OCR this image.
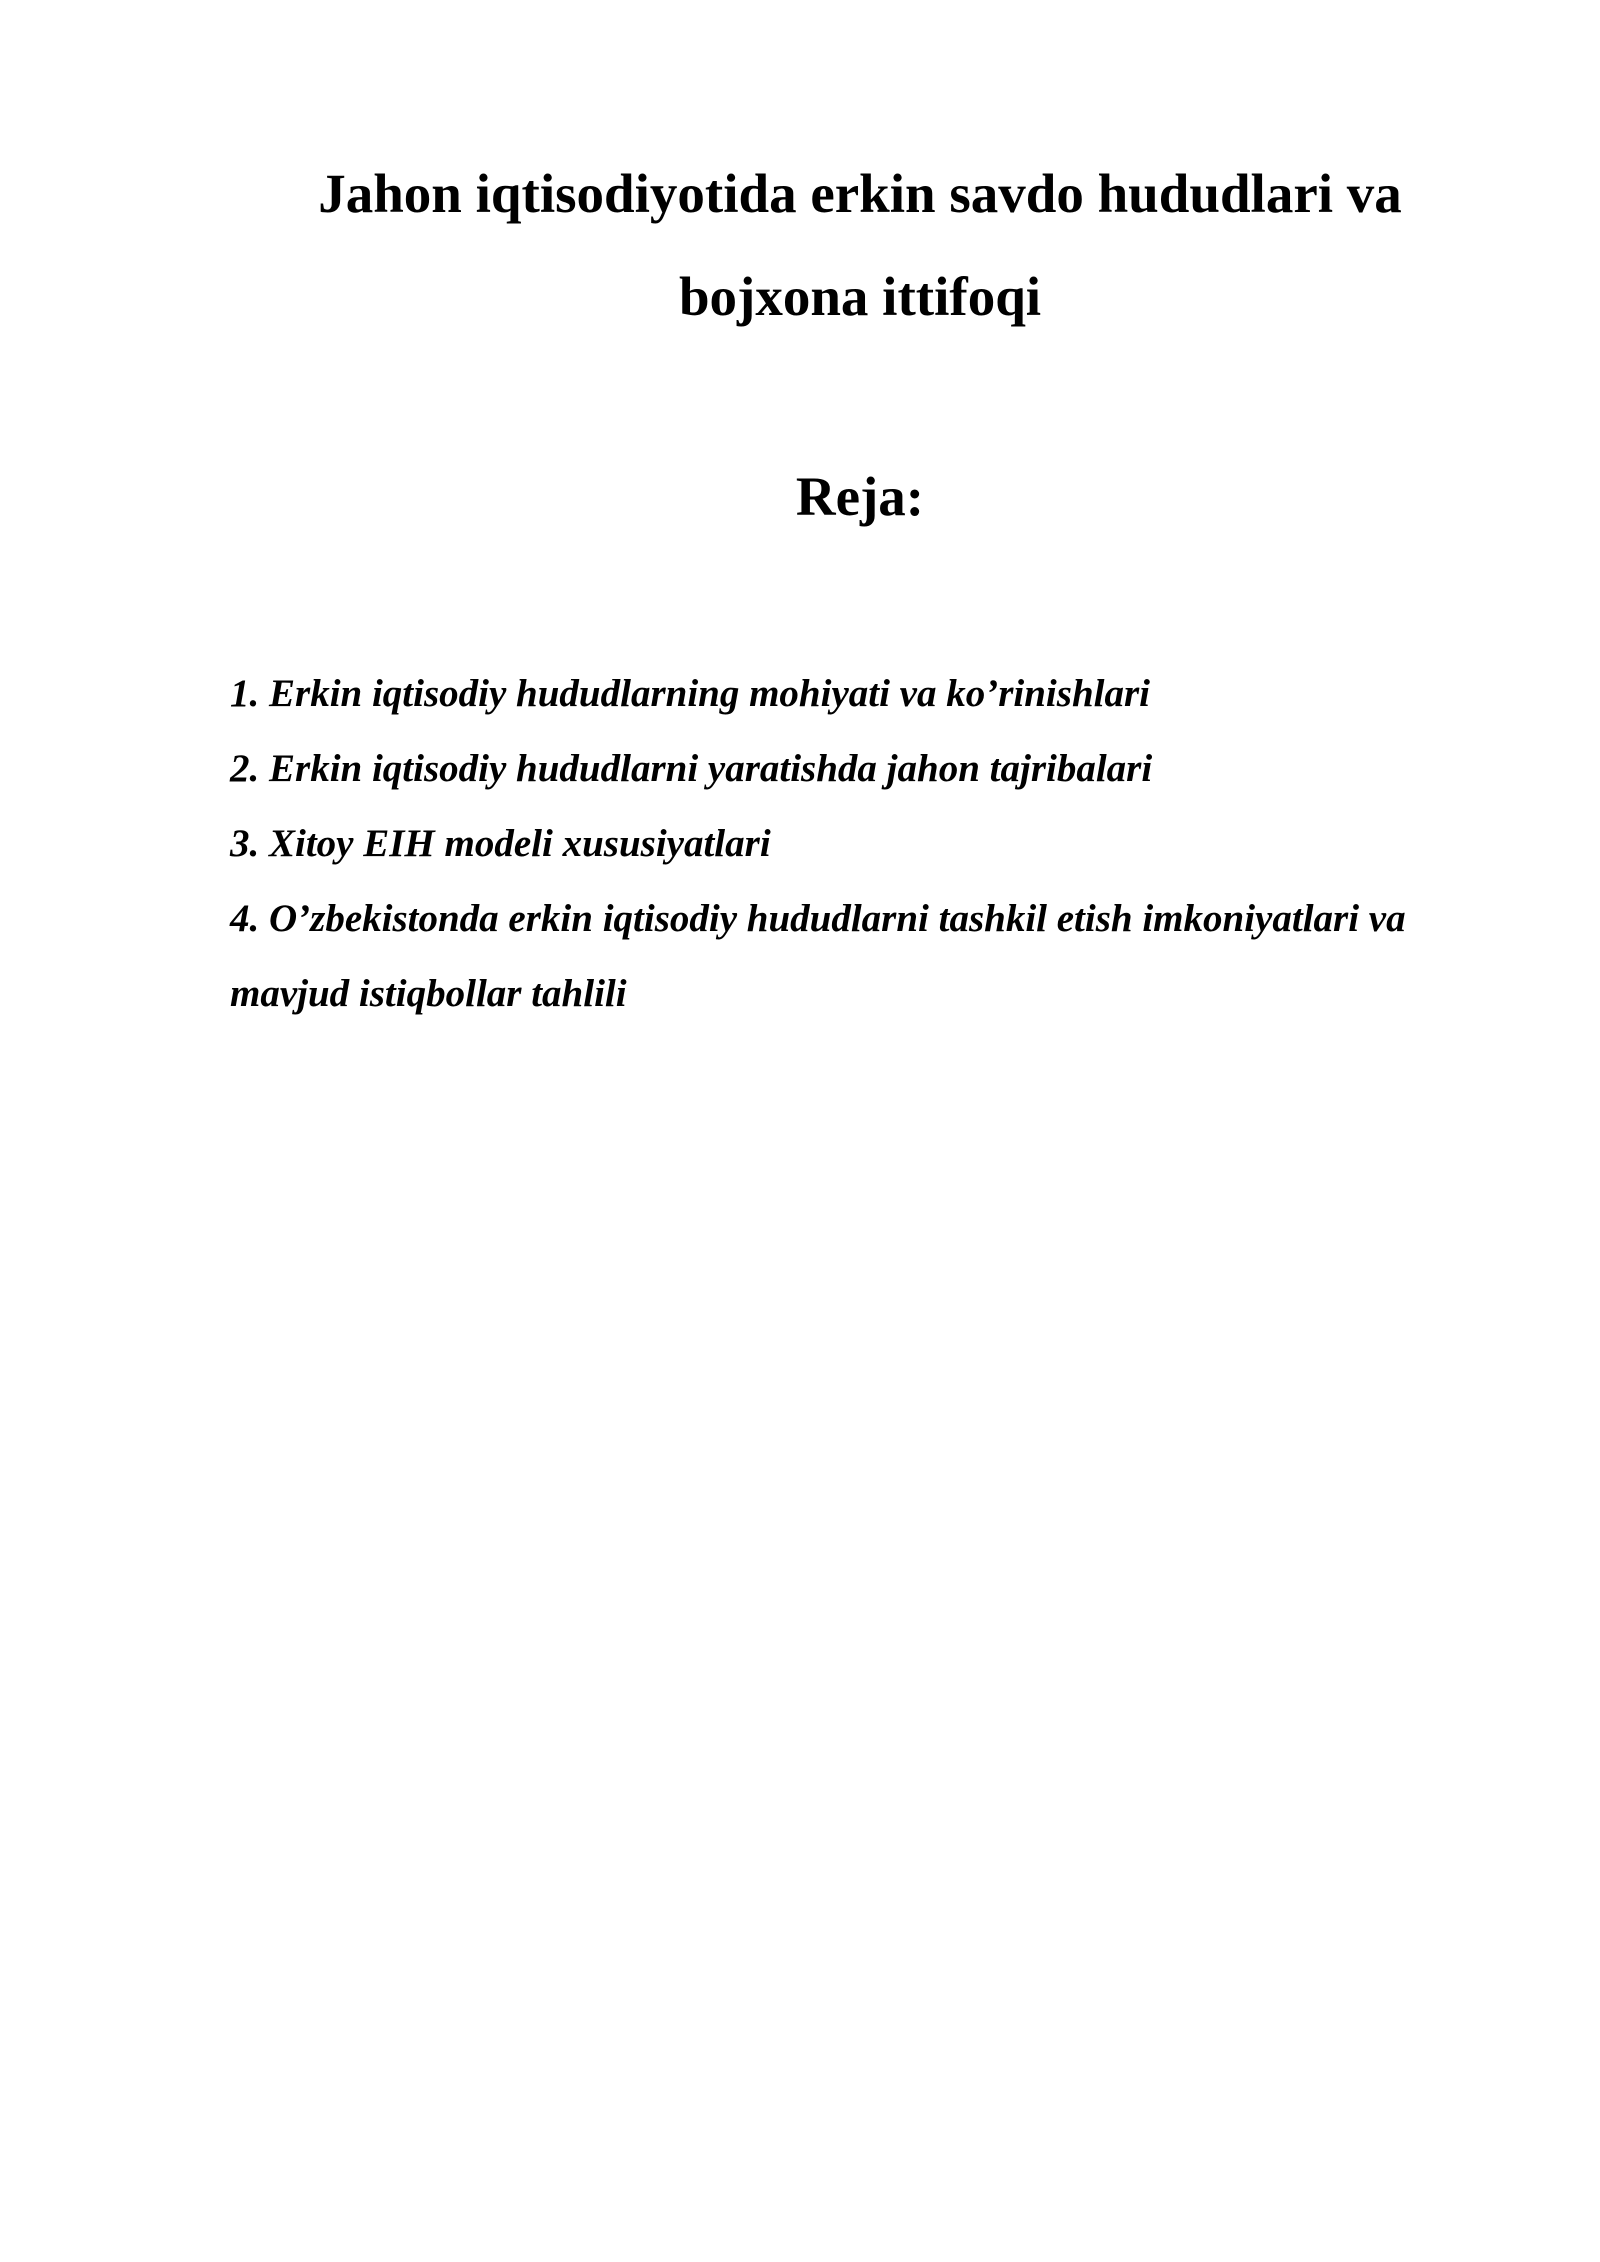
Jahon iqtisodiyotida erkin savdo hududlari va bojxona ittifoqi
Reja:
1. Erkin iqtisodiy hududlarning mohiyati va ko’rinishlari
2. Erkin iqtisodiy hududlarni yaratishda jahon tajribalari
3. Xitoy EIH modeli xususiyatlari
4. O’zbekistonda erkin iqtisodiy hududlarni tashkil etish imkoniyatlari va mavjud istiqbollar tahlili
